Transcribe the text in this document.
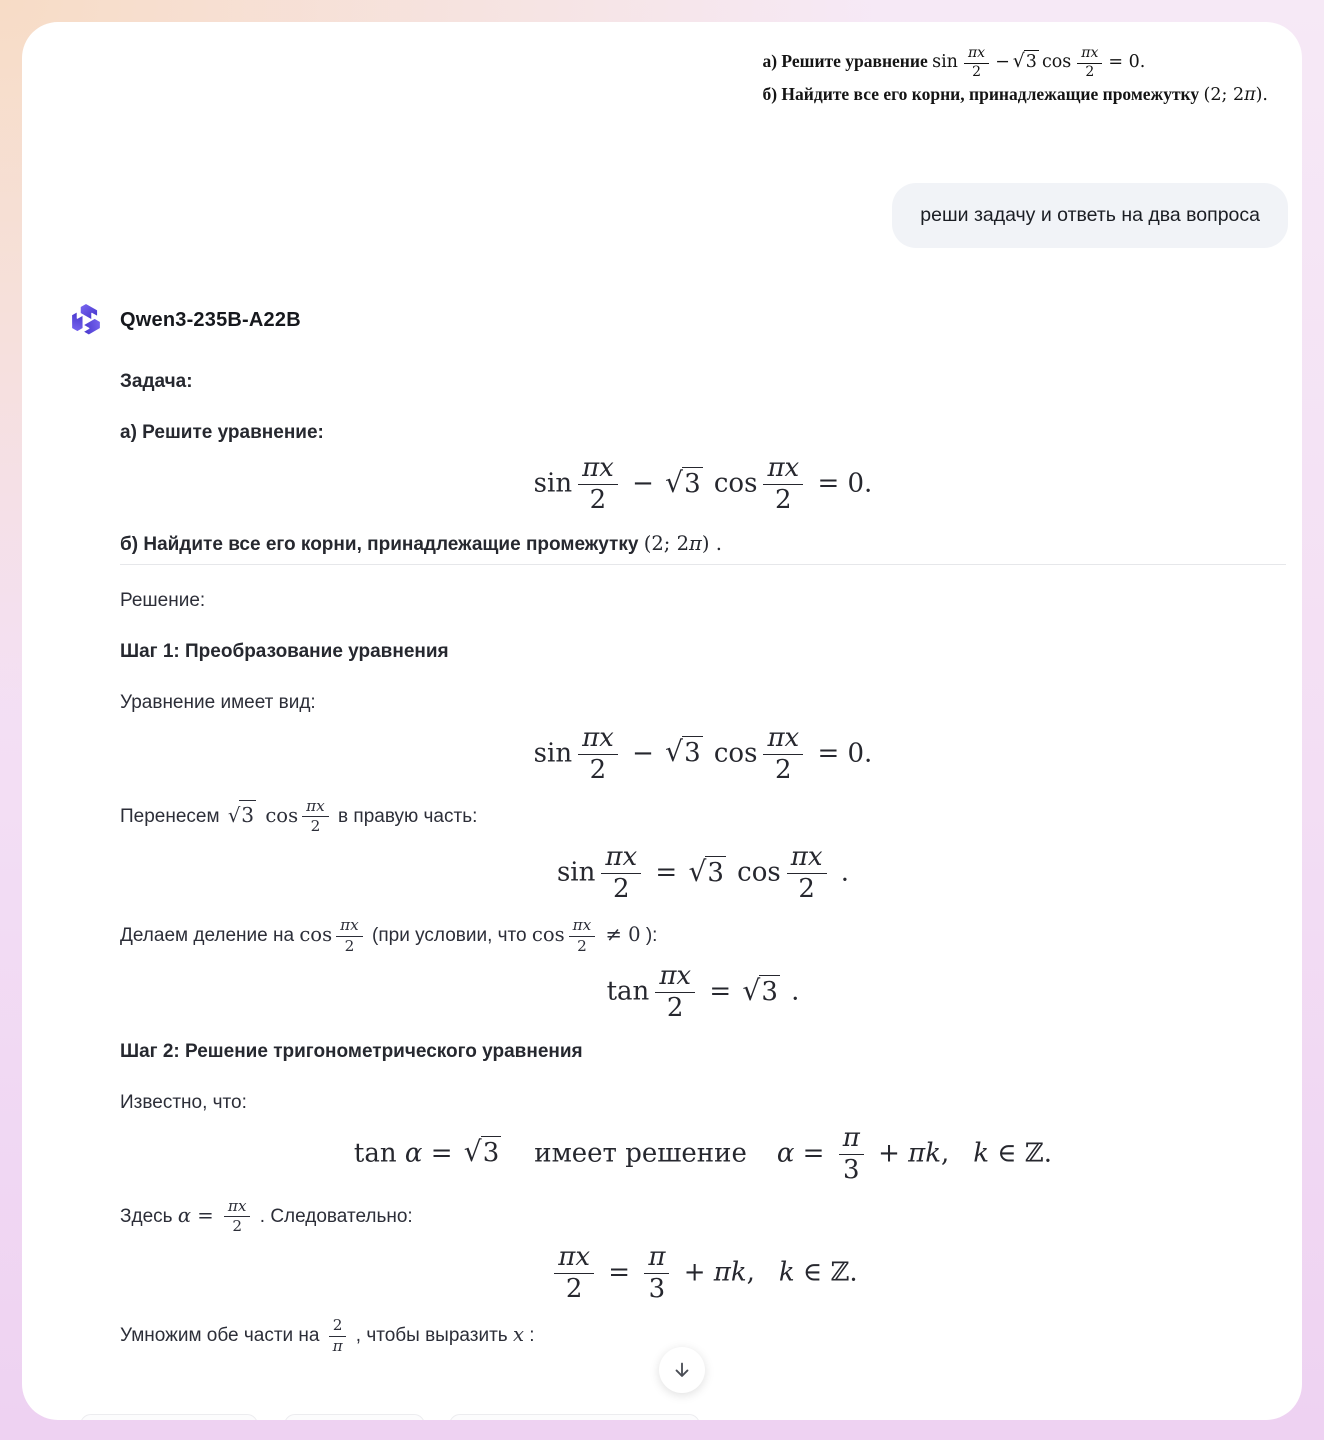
а) Решите уравнение $\sin \frac{\pi x}{2}$ − √ 3 $\cos \frac{\pi x}{2} = 0$.
б) Найдите все его корни, принадлежащие промежутку (2; 2π).
реши задачу и ответь на два вопроса
Qwen3-235B-A22B

Задача:

а) Решите уравнение:

$\sin \frac{\pi x}{2}$ − √ 3 $\cos \frac{\pi x}{2} = 0$.

б) Найдите все его корни, принадлежащие промежутку (2; 2π) .

Решение:

Шаг 1: Преобразование уравнения

Уравнение имеет вид:

$\sin \frac{\pi x}{2}$ − √ 3 $\cos \frac{\pi x}{2} = 0$.

Перенесем √ 3 $\cos \frac{\pi x}{2}$ в правую часть:

$\sin \frac{\pi x}{2}$ = √ 3 $\cos \frac{\pi x}{2}$ .

Делаем деление на $\cos \frac{\pi x}{2} (при$ условии, что $\cos \frac{\pi x}{2} \ne 0$ ):

$\tan \frac{\pi x}{2}$ = √ 3 .

Шаг 2: Решение тригонометрического уравнения

Известно, что:

tan α = √ 3 имеет решение $\alpha = \frac{\pi}{3} + \pi k$, k ∈ ℤ.

Здесь $\alpha = \frac{\pi x}{2}$ . Следовательно:

$\frac{\pi x}{2} = \frac{\pi}{3} + \pi k$, k ∈ ℤ.

Умножим обе части на $\frac{2}{\pi}$ , чтобы выразить x :
